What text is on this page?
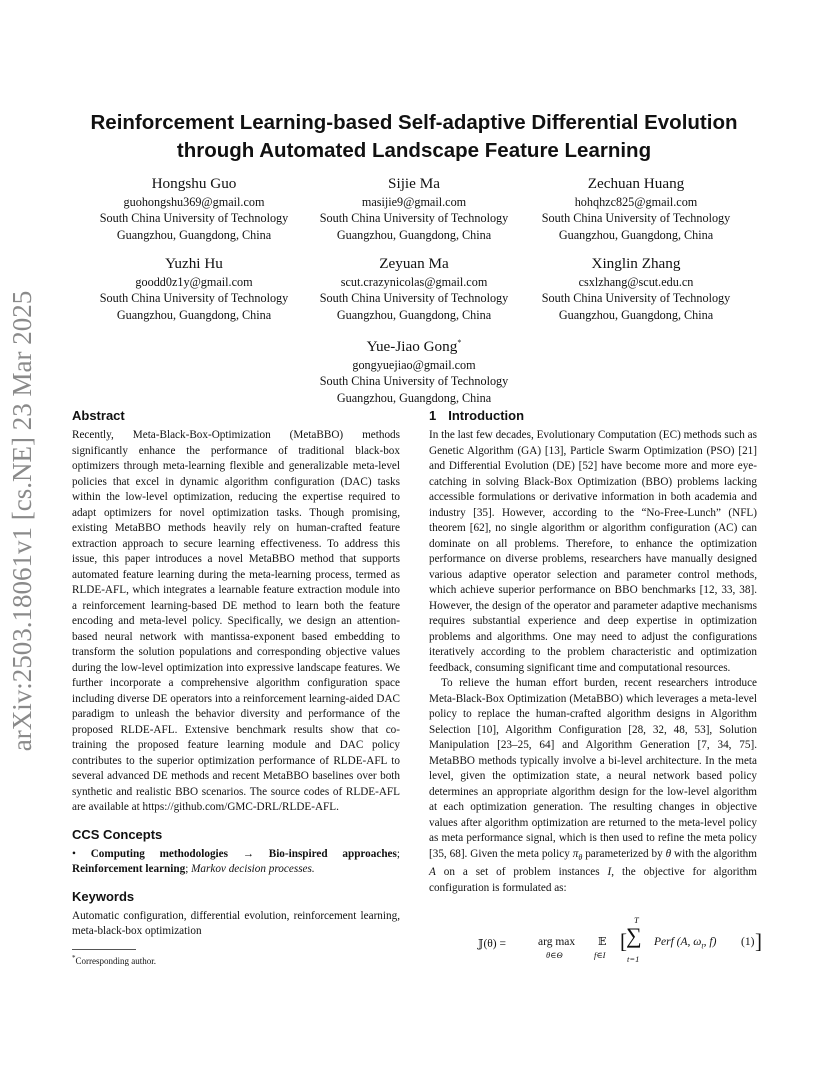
arXiv:2503.18061v1 [cs.NE] 23 Mar 2025
Reinforcement Learning-based Self-adaptive Differential Evolution through Automated Landscape Feature Learning
Hongshu Guo
guohongshu369@gmail.com
South China University of Technology
Guangzhou, Guangdong, China
Sijie Ma
masijie9@gmail.com
South China University of Technology
Guangzhou, Guangdong, China
Zechuan Huang
hohqhzc825@gmail.com
South China University of Technology
Guangzhou, Guangdong, China
Yuzhi Hu
goodd0z1y@gmail.com
South China University of Technology
Guangzhou, Guangdong, China
Zeyuan Ma
scut.crazynicolas@gmail.com
South China University of Technology
Guangzhou, Guangdong, China
Xinglin Zhang
csxlzhang@scut.edu.cn
South China University of Technology
Guangzhou, Guangdong, China
Yue-Jiao Gong*
gongyuejiao@gmail.com
South China University of Technology
Guangzhou, Guangdong, China
Abstract

Recently, Meta-Black-Box-Optimization (MetaBBO) methods significantly enhance the performance of traditional black-box optimizers through meta-learning flexible and generalizable meta-level policies that excel in dynamic algorithm configuration (DAC) tasks within the low-level optimization, reducing the expertise required to adapt optimizers for novel optimization tasks. Though promising, existing MetaBBO methods heavily rely on human-crafted feature extraction approach to secure learning effectiveness. To address this issue, this paper introduces a novel MetaBBO method that supports automated feature learning during the meta-learning process, termed as RLDE-AFL, which integrates a learnable feature extraction module into a reinforcement learning-based DE method to learn both the feature encoding and meta-level policy. Specifically, we design an attention-based neural network with mantissa-exponent based embedding to transform the solution populations and corresponding objective values during the low-level optimization into expressive landscape features. We further incorporate a comprehensive algorithm configuration space including diverse DE operators into a reinforcement learning-aided DAC paradigm to unleash the behavior diversity and performance of the proposed RLDE-AFL. Extensive benchmark results show that co-training the proposed feature learning module and DAC policy contributes to the superior optimization performance of RLDE-AFL to several advanced DE methods and recent MetaBBO baselines over both synthetic and realistic BBO scenarios. The source codes of RLDE-AFL are available at https://github.com/GMC-DRL/RLDE-AFL.

CCS Concepts

• Computing methodologies → Bio-inspired approaches; Reinforcement learning; Markov decision processes.

Keywords

Automatic configuration, differential evolution, reinforcement learning, meta-black-box optimization

*Corresponding author.
1 Introduction

In the last few decades, Evolutionary Computation (EC) methods such as Genetic Algorithm (GA) [13], Particle Swarm Optimization (PSO) [21] and Differential Evolution (DE) [52] have become more and more eye-catching in solving Black-Box Optimization (BBO) problems lacking accessible formulations or derivative information in both academia and industry [35]. However, according to the “No-Free-Lunch” (NFL) theorem [62], no single algorithm or algorithm configuration (AC) can dominate on all problems. Therefore, to enhance the optimization performance on diverse problems, researchers have manually designed various adaptive operator selection and parameter control methods, which achieve superior performance on BBO benchmarks [12, 33, 38]. However, the design of the operator and parameter adaptive mechanisms requires substantial experience and deep expertise in optimization problems and algorithms. One may need to adjust the configurations iteratively according to the problem characteristic and optimization feedback, consuming significant time and computational resources.

To relieve the human effort burden, recent researchers introduce Meta-Black-Box Optimization (MetaBBO) which leverages a meta-level policy to replace the human-crafted algorithm designs in Algorithm Selection [10], Algorithm Configuration [28, 32, 48, 53], Solution Manipulation [23–25, 64] and Algorithm Generation [7, 34, 75]. MetaBBO methods typically involve a bi-level architecture. In the meta level, given the optimization state, a neural network based policy determines an appropriate algorithm design for the low-level algorithm at each optimization generation. The resulting changes in objective values after algorithm optimization are returned to the meta-level policy as meta performance signal, which is then used to refine the meta policy [35, 68]. Given the meta policy $\pi_\theta$ parameterized by θ with the algorithm A on a set of problem instances I, the objective for algorithm configuration is formulated as:

𝕁(θ) =	arg max
θ∈Θ
𝔼
f∈I
[
T
∑
t=1
Perf (A, $\omega_t$, f) ]
(1)
